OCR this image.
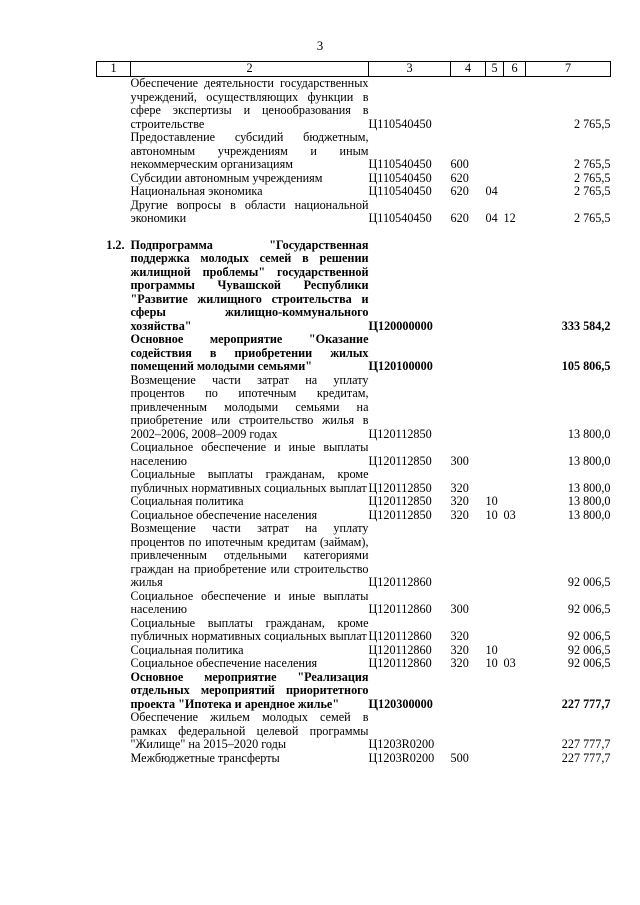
3
1	2	3	4	5	6	7
	Обеспечение деятельности государственных учреждений, осуществляющих функции в сфере экспертизы и ценообразования в строительстве	Ц110540450				2 765,5
	Предоставление субсидий бюджетным, автономным учреждениям и иным некоммерческим организациям	Ц110540450	600			2 765,5
	Субсидии автономным учреждениям	Ц110540450	620			2 765,5
	Национальная экономика	Ц110540450	620	04		2 765,5
	Другие вопросы в области национальной экономики	Ц110540450	620	04	12	2 765,5

1.2.	Подпрограмма "Государственная поддержка молодых семей в решении жилищной проблемы" государственной программы Чувашской Республики "Развитие жилищного строительства и сферы жилищно-коммунального хозяйства"	Ц120000000				333 584,2
	Основное мероприятие "Оказание содействия в приобретении жилых помещений молодыми семьями"	Ц120100000				105 806,5
	Возмещение части затрат на уплату процентов по ипотечным кредитам, привлеченным молодыми семьями на приобретение или строительство жилья в 2002–2006, 2008–2009 годах	Ц120112850				13 800,0
	Социальное обеспечение и иные выплаты населению	Ц120112850	300			13 800,0
	Социальные выплаты гражданам, кроме публичных нормативных социальных выплат	Ц120112850	320			13 800,0
	Социальная политика	Ц120112850	320	10		13 800,0
	Социальное обеспечение населения	Ц120112850	320	10	03	13 800,0
	Возмещение части затрат на уплату процентов по ипотечным кредитам (займам), привлеченным отдельными категориями граждан на приобретение или строительство жилья	Ц120112860				92 006,5
	Социальное обеспечение и иные выплаты населению	Ц120112860	300			92 006,5
	Социальные выплаты гражданам, кроме публичных нормативных социальных выплат	Ц120112860	320			92 006,5
	Социальная политика	Ц120112860	320	10		92 006,5
	Социальное обеспечение населения	Ц120112860	320	10	03	92 006,5
	Основное мероприятие "Реализация отдельных мероприятий приоритетного проекта "Ипотека и арендное жилье"	Ц120300000				227 777,7
	Обеспечение жильем молодых семей в рамках федеральной целевой программы "Жилище" на 2015–2020 годы	Ц1203R0200				227 777,7
	Межбюджетные трансферты	Ц1203R0200	500			227 777,7
